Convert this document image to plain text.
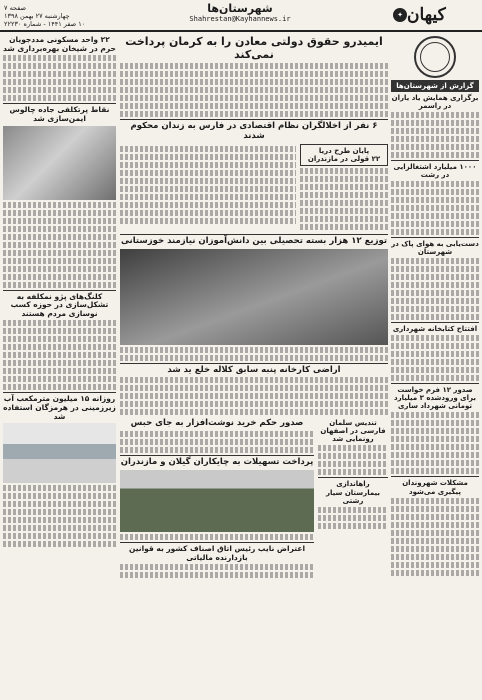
کیهان
✦
شهرستان‌ها
Shahrestan@Kayhannews.ir
صفحه ۷
چهارشنبه ۲۷ بهمن ۱۳۹۸
۱۰ صفر ۱۴۴۱ - شماره ۲۲۲۳۰
گزارش از شهرستان‌ها
برگزاری همایش یاد یاران در راسمر
۱۰۰۰ میلیارد اشتغالزایی در رشت
دست‌یابی به هوای پاک در شهرستان
افتتاح کتابخانه شهرداری
صدور ۱۲ فرم خواست برای ورودشده ۳ میلیارد تومانی شهرداد ساری
مشکلات شهروندان پیگیری می‌شود
ایمیدرو حقوق دولتی معادن را به کرمان پرداخت نمی‌کند
۶ نفر از اخلالگران نظام اقتصادی در فارس به زندان محکوم شدند
پایان طرح دریا
۲۲ قولی در مازندران
توزیع ۱۲ هزار بسته تحصیلی بین دانش‌آموزان نیازمند خوزستانی
اراضی کارخانه پنبه سابق کلاله خلع ید شد
تندیس سلمان فارسی در اصفهان رونمایی شد
راهاندازی بیمارستان سیار رشتی
صدور حکم خرید نوشت‌افزار به جای حبس
پرداخت تسهیلات به چایکاران گیلان و مازندران
اعتراض نایب رئیس اتاق اصناف کشور به قوانین بازدارنده مالیاتی
۲۲ واحد مسکونی مددجویان حرم در شیخان بهره‌برداری شد
نقاط پرتکلفی جاده چالوس ایمن‌سازی شد
کلنگ‌های پژو نمکلفه به تشکل‌سازی در حوزه کسب نوسازی مردم هستند
روزانه ۱۵ میلیون مترمکعب آب زیرزمینی در هرمزگان استفاده شد
